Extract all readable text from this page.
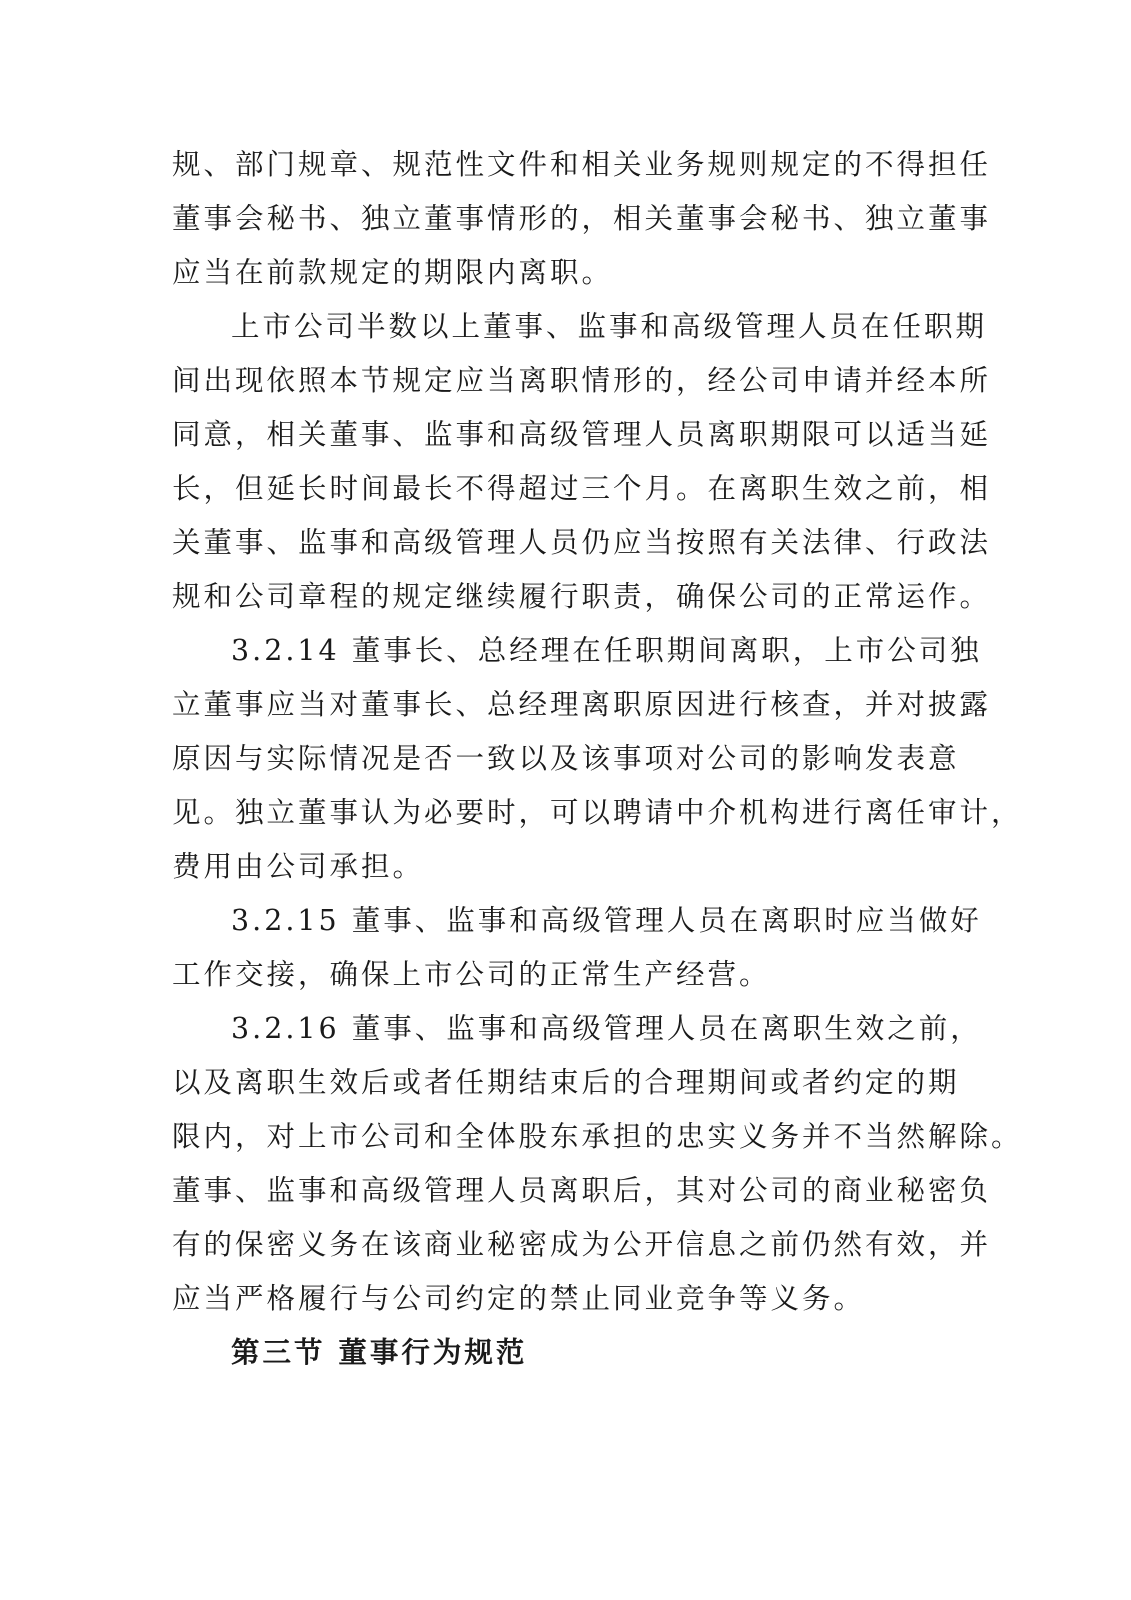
规、部门规章、规范性文件和相关业务规则规定的不得担任
董事会秘书、独立董事情形的，相关董事会秘书、独立董事
应当在前款规定的期限内离职。
上市公司半数以上董事、监事和高级管理人员在任职期
间出现依照本节规定应当离职情形的，经公司申请并经本所
同意，相关董事、监事和高级管理人员离职期限可以适当延
长，但延长时间最长不得超过三个月。在离职生效之前，相
关董事、监事和高级管理人员仍应当按照有关法律、行政法
规和公司章程的规定继续履行职责，确保公司的正常运作。
3.2.14 董事长、总经理在任职期间离职，上市公司独
立董事应当对董事长、总经理离职原因进行核查，并对披露
原因与实际情况是否一致以及该事项对公司的影响发表意
见。独立董事认为必要时，可以聘请中介机构进行离任审计，
费用由公司承担。
3.2.15 董事、监事和高级管理人员在离职时应当做好
工作交接，确保上市公司的正常生产经营。
3.2.16 董事、监事和高级管理人员在离职生效之前，
以及离职生效后或者任期结束后的合理期间或者约定的期
限内，对上市公司和全体股东承担的忠实义务并不当然解除。
董事、监事和高级管理人员离职后，其对公司的商业秘密负
有的保密义务在该商业秘密成为公开信息之前仍然有效，并
应当严格履行与公司约定的禁止同业竞争等义务。
第三节 董事行为规范
